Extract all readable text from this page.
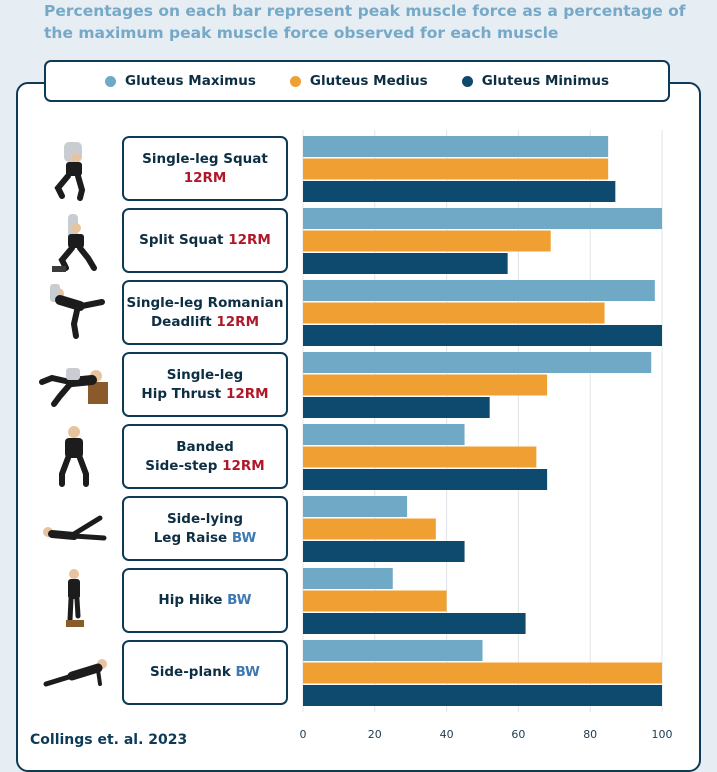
Percentages on each bar represent peak muscle force as a percentage of the maximum peak muscle force observed for each muscle
Gluteus Maximus	Gluteus Medius	Gluteus Minimus
Single-leg Squat
12RM
Split Squat 12RM
Single-leg Romanian
Deadlift 12RM
Single-leg
Hip Thrust 12RM
Banded
Side-step 12RM
Side-lying
Leg Raise BW
Hip Hike BW
Side-plank BW
0	20	40	60	80	100
Collings et. al. 2023
